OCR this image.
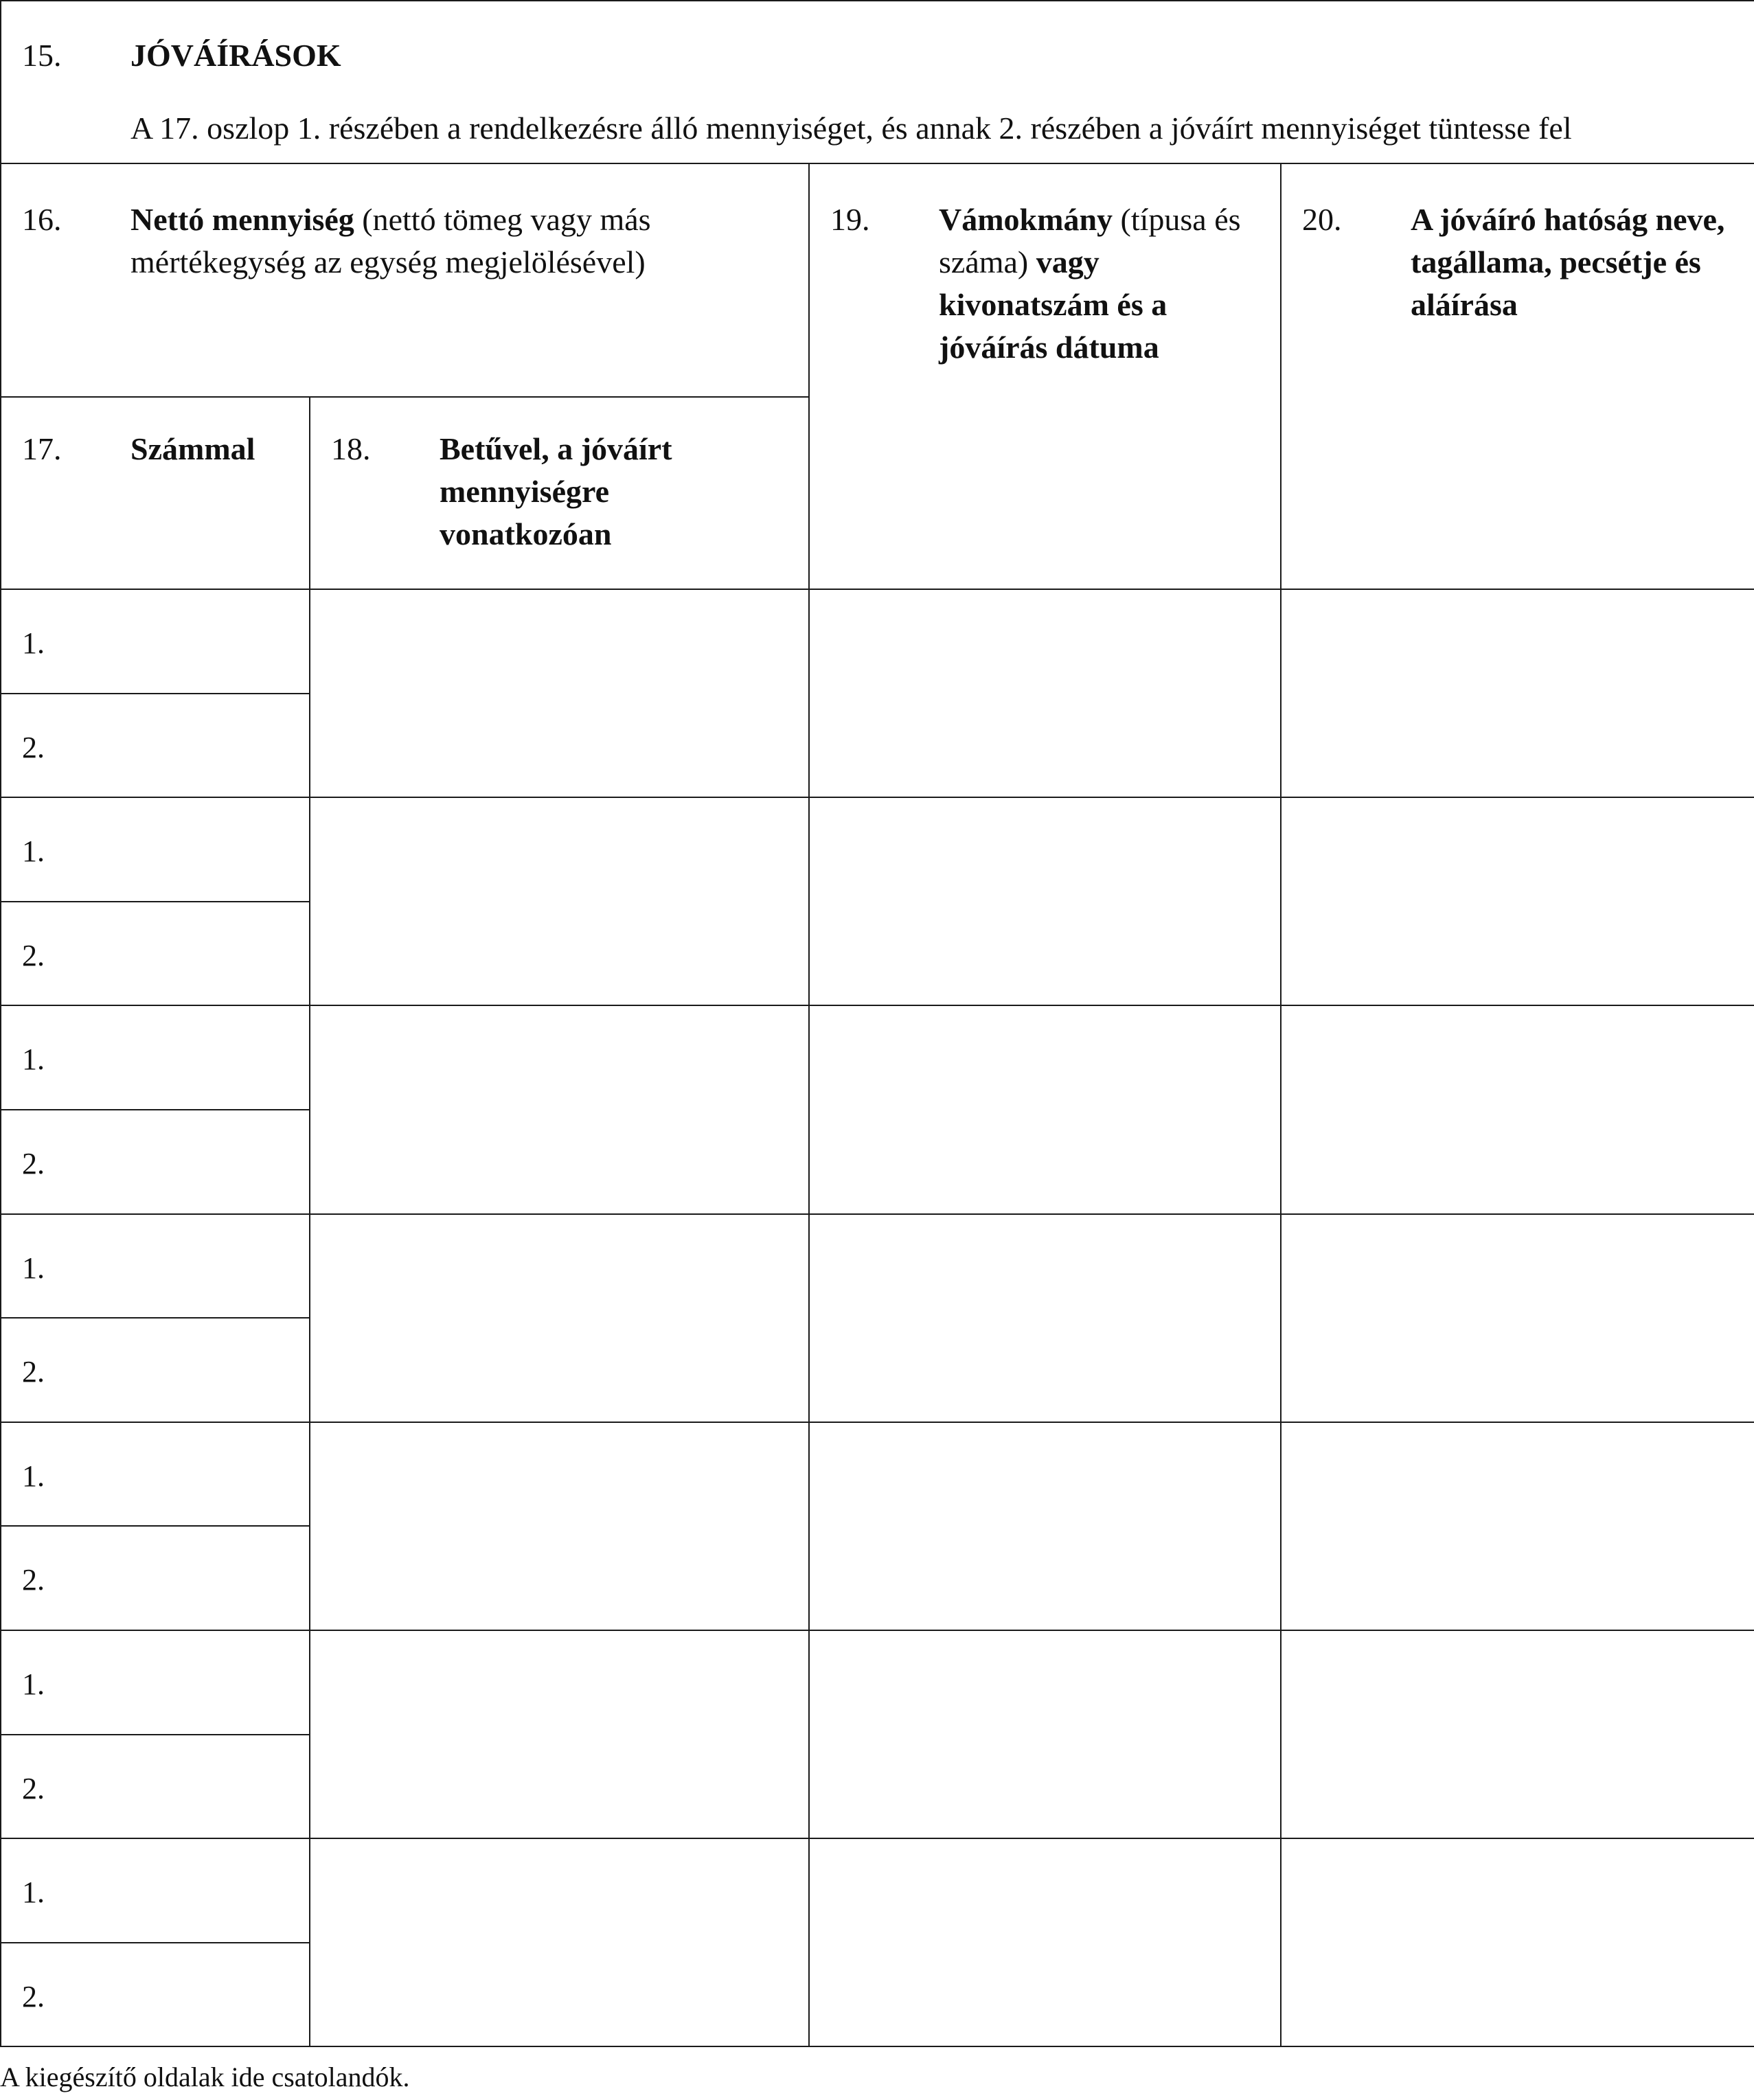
15. JÓVÁÍRÁSOK
A 17. oszlop 1. részében a rendelkezésre álló mennyiséget, és annak 2. részében a jóváírt mennyiséget tüntesse fel			

16. Nettó mennyiség (nettó tömeg vagy más mértékegység az egység megjelölésével)		19. Vámokmány (típusa és száma) vagy kivonatszám és a jóváírás dátuma	20. A jóváíró hatóság neve, tagállama, pecsétje és aláírása

17. Számmal	18. Betűvel, a jóváírt mennyiségre vonatkozóan		

1.			

2.			

1.			

2.			

1.			

2.			

1.			

2.			

1.			

2.			

1.			

2.			

1.			

2.			
A kiegészítő oldalak ide csatolandók.
